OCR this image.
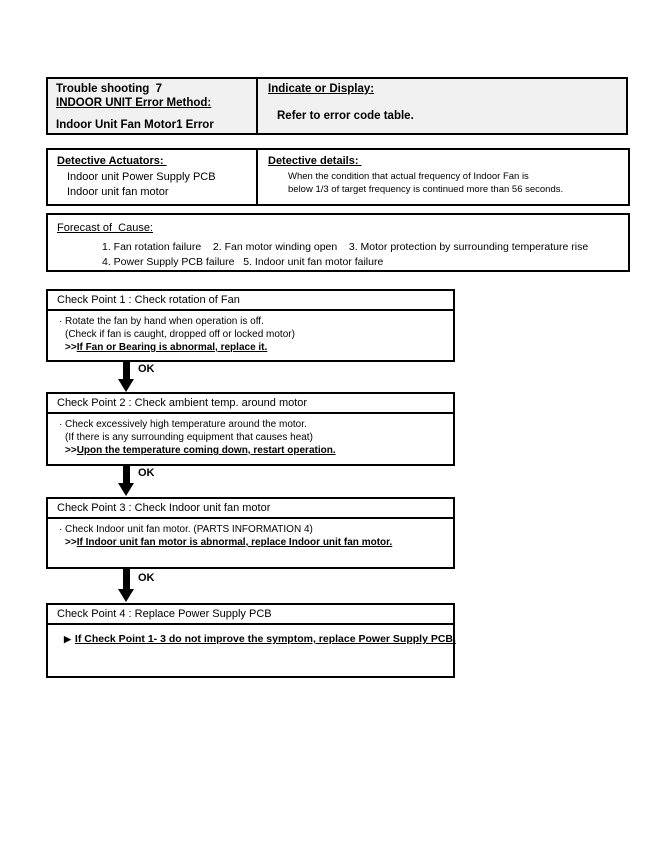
Trouble shooting  7
INDOOR UNIT Error Method:
Indoor Unit Fan Motor1 Error
Indicate or Display:
Refer to error code table.
Detective Actuators:
Indoor unit Power Supply PCB
Indoor unit fan motor
Detective details:
When the condition that actual frequency of Indoor Fan is
below 1/3 of target frequency is continued more than 56 seconds.
Forecast of  Cause:
1. Fan rotation failure    2. Fan motor winding open    3. Motor protection by surrounding temperature rise
4. Power Supply PCB failure   5. Indoor unit fan motor failure
Check Point 1 : Check rotation of Fan
· Rotate the fan by hand when operation is off.
(Check if fan is caught, dropped off or locked motor)
>>If Fan or Bearing is abnormal, replace it.
OK
Check Point 2 : Check ambient temp. around motor
· Check excessively high temperature around the motor.
(If there is any surrounding equipment that causes heat)
>>Upon the temperature coming down, restart operation.
OK
Check Point 3 : Check Indoor unit fan motor
· Check Indoor unit fan motor. (PARTS INFORMATION 4)
>>If Indoor unit fan motor is abnormal, replace Indoor unit fan motor.
OK
Check Point 4 : Replace Power Supply PCB
▶ If Check Point 1- 3 do not improve the symptom, replace Power Supply PCB.
